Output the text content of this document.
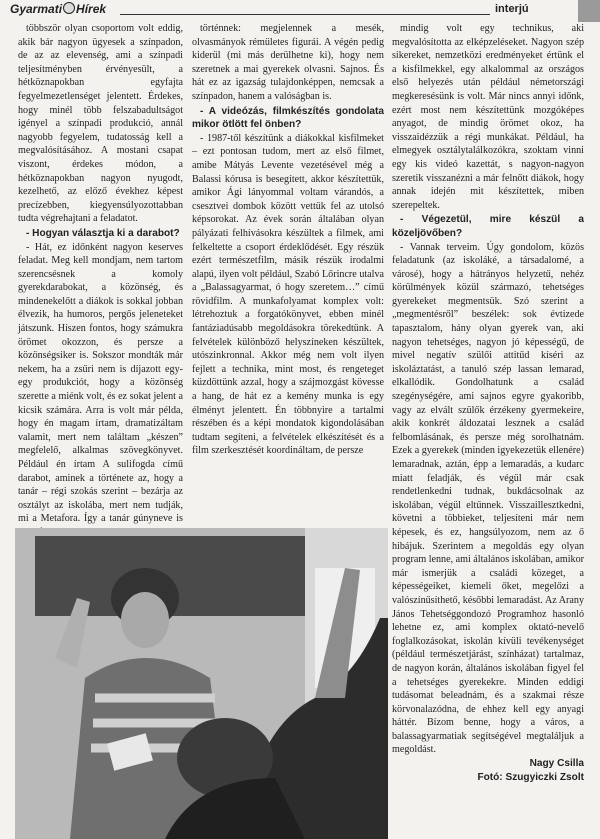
Gyarmati Hírek	interjú

többször olyan csoportom volt eddig, akik bár nagyon ügyesek a színpadon, de az az elevenség, ami a színpadi teljesítményben érvényesült, a hétköznapokban egyfajta fegyelmezetlenséget jelentett. Érdekes, hogy minél több felszabadultságot igényel a színpadi produkció, annál nagyobb fegyelem, tudatosság kell a megvalósításához. A mostani csapat viszont, érdekes módon, a hétköznapokban nagyon nyugodt, kezelhető, az előző évekhez képest precízebben, kiegyensúlyozottabban tudta végrehajtani a feladatot.

- Hogyan választja ki a darabot?

- Hát, ez időnként nagyon keserves feladat. Meg kell mondjam, nem tartom szerencsésnek a komoly gyerekdarabokat, a közönség, és mindenekelőtt a diákok is sokkal jobban élvezik, ha humoros, pergős jeleneteket játszunk. Híszen fontos, hogy számukra örömet okozzon, és persze a közönségsiker is. Sokszor mondták már nekem, ha a zsűri nem is díjazott egy-egy produkciót, hogy a közönség szerette a miénk volt, és ez sokat jelent a kicsik számára. Arra is volt már példa, hogy én magam írtam, dramatizáltam valamit, mert nem találtam „készen” megfelelő, alkalmas szövegkönyvet. Például én írtam A sulifogda című darabot, aminek a története az, hogy a tanár – régi szokás szerint – bezárja az osztályt az iskolába, mert nem tudják, mi a Metafora. Így a tanár gúnyneve is

történnek: megjelennek a mesék, olvasmányok rémületes figurái. A végén pedig kiderül (mi más derülhetne ki), hogy nem szeretnek a mai gyerekek olvasni. Sajnos. És hát ez az igazság tulajdonképpen, nemcsak a színpadon, hanem a valóságban is.

- A videózás, filmkészítés gondolata mikor ötlött fel önben?

- 1987-től készítünk a diákokkal kisfilmeket – ezt pontosan tudom, mert az első filmet, amibe Mátyás Levente vezetésével még a Balassi kórusa is besegített, akkor készítettük, amikor Ági lányommal voltam várandós, a csesztvei dombok között vettük fel az utolsó képsorokat. Az évek során általában olyan pályázati felhívásokra készültek a filmek, ami felkeltette a csoport érdeklődését. Egy részük ezért természetfilm, másik részük irodalmi alapú, ilyen volt például, Szabó Lőrincre utalva a „Balassagyarmat, ó hogy szeretem…” című rövidfilm. A munkafolyamat komplex volt: létrehoztuk a forgatókönyvet, ebben minél fantáziadúsabb megoldásokra törekedtünk. A felvételek különböző helyszíneken készültek, utószinkronnal. Akkor még nem volt ilyen fejlett a technika, mint most, és rengeteget küzdöttünk azzal, hogy a szájmozgást kövesse a hang, de hát ez a kemény munka is egy élményt jelentett. Én többnyire a tartalmi részében és a képi mondatok kigondolásában tudtam segíteni, a felvételek elkészítését és a film szerkesztését koordináltam, de persze

mindig volt egy technikus, aki megvalósította az elképzeléseket. Nagyon szép sikereket, nemzetközi eredményeket értünk el a kisfilmekkel, egy alkalommal az országos első helyezés után például németországi megkeresésünk is volt. Már nincs annyi időnk, ezért most nem készítettünk mozgóképes anyagot, de mindig örömet okoz, ha visszaidézzük a régi munkákat. Például, ha elmegyek osztálytalálkozókra, szoktam vinni egy kis videó kazettát, s nagyon-nagyon szeretik visszanézni a már felnőtt diákok, hogy annak idején mit készítettek, miben szerepeltek.

- Végezetül, mire készül a közeljövőben?

- Vannak terveim. Úgy gondolom, közös feladatunk (az iskoláké, a társadalomé, a városé), hogy a hátrányos helyzetű, nehéz körülmények közül származó, tehetséges gyerekeket megmentsük. Szó szerint a „megmentésről” beszélek: sok évtizede tapasztalom, hány olyan gyerek van, aki nagyon tehetséges, nagyon jó képességű, de mivel negatív szülői attitűd kíséri az iskoláztatást, a tanuló szép lassan lemarad, elkallódik. Gondolhatunk a család szegénységére, ami sajnos egyre gyakoribb, vagy az elvált szülők érzékeny gyermekeire, akik konkrét áldozatai lesznek a család felbomlásának, és persze még sorolhatnám. Ezek a gyerekek (minden igyekezetük ellenére) lemaradnak, aztán, épp a lemaradás, a kudarc miatt feladják, és végül már csak rendetlenkedni tudnak, bukdácsolnak az iskolában, végül eltűnnek. Visszaillesztkedni, követni a többieket, teljesíteni már nem képesek, és ez, hangsúlyozom, nem az ő hibájuk. Szerintem a megoldás egy olyan program lenne, ami általános iskolában, amikor már ismerjük a családi közeget, a képességeiket, kiemeli őket, megelőzi a valószínűsíthető, későbbi lemaradást. Az Arany János Tehetséggondozó Programhoz hasonló lehetne ez, ami komplex oktató-nevelő foglalkozásokat, iskolán kívüli tevékenységet (például természetjárást, színházat) tartalmaz, de nagyon korán, általános iskolában figyel fel a tehetséges gyerekekre. Minden eddigi tudásomat beleadnám, és a szakmai része körvonalazódna, de ehhez kell egy anyagi háttér. Bízom benne, hogy a város, a balassagyarmatiak segítségével megtaláljuk a megoldást.

Nagy Csilla

Fotó: Szugyiczki Zsolt
